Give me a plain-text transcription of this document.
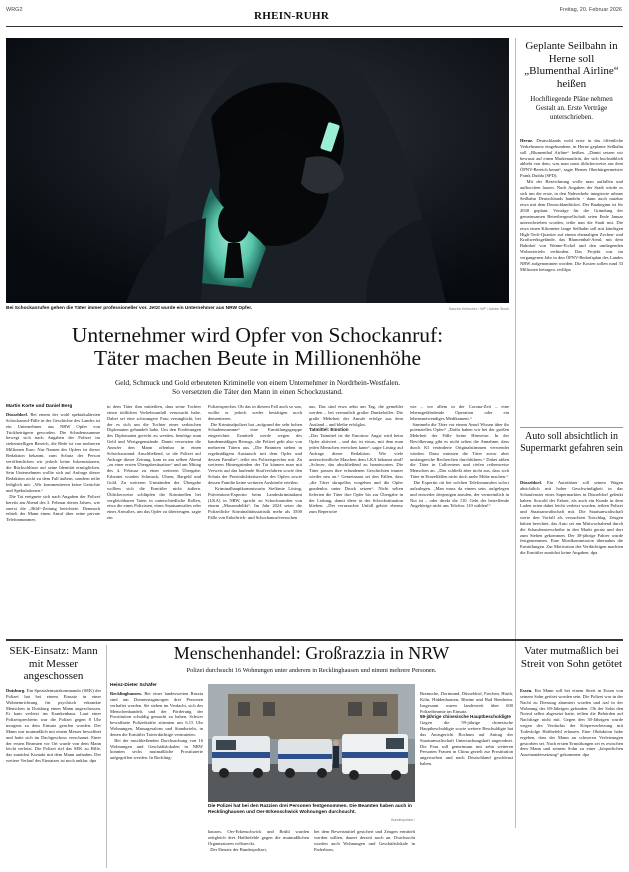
WRG2	RHEIN-RUHR	Freitag, 20. Februar 2026
Bei Schockanrufen gehen die Täter immer professioneller vor. Jetzt wurde ein Unternehmer aus NRW Opfer.	Sascha Kertscher / WP / Adobe Stock
Unternehmer wird Opfer von Schockanruf:
Täter machen Beute in Millionenhöhe
Geld, Schmuck und Gold erbeuteten Kriminelle von einem Unternehmer in Nordrhein-Westfalen.
So versetzten die Täter den Mann in einen Schockzustand.
Martin Korte und Daniel Berg
Düsseldorf. Bei einem der wohl spektakulärsten Schockanruf-Fälle in der Geschichte des Landes ist ein Unternehmer aus NRW Opfer von Trickbetrügern geworden. Die Schadenssumme bewegt sich nach Angaben der Polizei im siebenstelligen Bereich, die Rede ist von mehreren Millionen Euro. Nur Namen des Opfers ist dieser Redaktion bekannt, zum Schutz der Person veröffentlichen wir jedoch keine Informationen, die Rückschlüsse auf seine Identität ermöglichen. Sein Unternehmen wollte sich auf Anfrage dieser Redaktion nicht zu dem Fall äußern, sondern teilte lediglich mit: „Wir kommentieren keine Gerüchte und Spekulationen.“
Die Tat ereignete sich nach Angaben der Polizei bereits am Abend des 3. Februar dieses Jahres, wie zuerst die „Bild“-Zeitung berichtete. Demnach erhielt der Mann einen Anruf über seine private Telefonnummer,
in dem Täter ihm mitteilten, dass seine Tochter einen tödlichen Verkehrsunfall verursacht habe. Dabei sei eine schwangere Frau verunglückt, bei der es sich um die Tochter eines serbischen Diplomaten gehandelt habe. Um den Forderungen des Diplomaten gerecht zu werden, benötige man Geld und Wertgegenstände. Damit versetzten die Anrufer den Mann offenbar in einen Schockzustand. Anschließend, so die Polizei auf Anfrage dieser Zeitung, kam es am selben Abend „zu einer ersten Übergabesituation“ und am Mittag des 4. Februar zu einer weiteren Übergabe. Erbeutet wurden Schmuck, Uhren, Bargeld und Gold. Zu weiteren Umständen der Übergabe wollten sich die Ermittler nicht äußern. Üblicherweise schlüpfen die Kriminellen bei vergleichbaren Taten in unterschiedliche Rollen, etwa die eines Polizisten, eines Staatsanwaltes oder eines Anwaltes, um das Opfer zu überzeugen, sagte ein
Polizeisprecher. Ob das in diesem Fall auch so war, wollte er jedoch weder bestätigen noch dementieren.
Die Kriminalpolizei hat „aufgrund der sehr hohen Schadenssumme“ eine Ermittlungsgruppe eingerichtet. Ermittelt werde wegen des bandenmäßigen Betrugs, die Polizei geht also von mehreren Tätern aus. „Die Beamten stehen in regelmäßigem Austausch mit dem Opfer und dessen Familie“, teilte ein Polizeisprecher mit. Zu weiteren Hintergründen der Tat können man mit Verweis auf das laufende Strafverfahren sowie den Schutz der Persönlichkeitsrechte des Opfers sowie dessen Familie keine weiteren Auskünfte erteilen.
Kriminalhauptkommissarin Steffanie Lösing, Präventions-Expertin beim Landeskriminalamt (LKA) in NRW, spricht zu Schockanrufen von einem „Massendelikt“. Im Jahr 2024 seien die Polizeiliche Kriminalitätsstatistik mehr als 3500 Fälle von Enkeltrick- und Schockanrufversuchen
aus. Das sind etwa zehn am Tag, die gemeldet werden – bei vermutlich großer Dunkelziffer. Die große Mehrheit der Anrufe erfolge aus dem Ausland – und bleibe erfolglos.
Tatmittel: Emotion
„Das Tatmittel ist die Emotion: Angst wird beim Opfer aktiviert – und das ist etwas, mit dem man jeden Menschen erreichen kann“, sagte Lösing auf Anfrage dieser Redaktion. Wie viele unterschiedliche Maschen dem LKA bekannt sind? „Schwer, das abschließend zu beantworten. Die Täter passen ihre erfundenen Geschichten immer wieder neu an.“ Gemeinsam sei den Fällen, dass „die Täter skrupellos vorgehen und die Opfer gnadenlos unter Druck setzen“. Nicht selten lieferten die Täter ihre Opfer bis zur Übergabe in der Leitung, damit diese in der Schockstituation blieben. „Der verursachte Unfall gehört ebenso zum Repertoire
wie – vor allem in der Corona-Zeit – eine lebensgefährdende Operation oder ein lebensnotwendiges Medikament.“
Sammeln die Täter vor einem Anruf Wissen über ihr potenzielles Opfer? „Dafür haben wir bei der großen Mehrheit der Fälle keine Hinweise. In der Bevölkerung gibt es nicht selten die Annahme, dass durch KI veränderte Originalstimmen verwendet würden. Dazu müssten die Täter zuvor aber umfangreiche Recherchen durchführen.“ Dabei säßen die Täter in Callcentern und riefen reihenweise Menschen an. „Das schließt aber nicht aus, dass sich Täter in Einzelfällen nicht doch mehr Mühe machen.“
Die Expertin rät bei solchen Telefonanrufen sofort aufzulegen. „Man muss da einem sein, aufgelegen und entweder denjenigen anrufen, der vermeintlich in Not ist – oder direkt die 110. Geht der betreffende Angehörige nicht ans Telefon: 110 wählen!“
Geplante Seilbahn in Herne soll „Blumenthal Airline“ heißen
Hochfliegende Pläne nehmen Gestalt an. Erste Verträge unterschrieben.
Herne. Deutschlands wohl erste in das öffentliche Verkehrsnetz eingebundene, in Herne geplante Seilbahn soll „Blumenthal Airline“ heißen. „Damit setzen wir bewusst auf einen Markenauftritt, der sich buchstäblich abhebt von dem, was man sonst üblicherweise aus dem ÖPNV-Bereich kennt“, sagte Hernes Oberbürgermeister Frank Dudda (SPD).
Mit der Bezeichnung wolle man auffallen und aufhorchen lassen. Nach Angaben der Stadt würde es sich um die erste, in den Nahverkehr integrierte urbane Seilbahn Deutschlands handeln - dann auch nutzbar etwa mit dem Deutschlandticket. Der Baubeginn ist für 2030 geplant. Verträge für die Gründung der gemeinsamen Betreibergesellschaft seien Ende Januar unterschrieben worden, teilte nun die Stadt mit. Die etwa einen Kilometer lange Seilbahn soll mit künftigen High-Tech-Quartier auf einem ehemaligen Zechen- und Kraftwerksgelände, das Blumenthal-Areal, mit dem Bahnhof von Wanne-Eickel und den umliegenden Wohnvierteln verbinden. Das Projekt war im vergangenen Jahr in den ÖPNV-Bedarfsplan des Landes NRW aufgenommen worden. Die Kosten sollen rund 33 Millionen betragen. red/dpa
Auto soll absichtlich in Supermarkt gefahren sein
Düsseldorf. Ein Autofahrer soll seinen Wagen absichtlich mit hoher Geschwindigkeit in das Schaufenster eines Supermarktes in Düsseldorf gelenkt haben. Sowohl der Fahrer, als auch ein Kunde in dem Laden seien dabei leicht verletzt worden, teilten Polizei und Staatsanwaltschaft mit. Die Staatsanwaltschaft werte den Vorfall als versuchten Totschlag. Zeugen hätten berichtet, das Auto sei am Mittwochabend durch die Schaufensterscheibe in den Markt gerast und dort zum Stehen gekommen. Der 38-jährige Fahrer wurde festgenommen. Eine Mordkommission übernahm die Ermittlungen. Zur Motivation des Verdächtigen machten die Ermittler zunächst keine Angaben. dpa
SEK-Einsatz: Mann mit Messer angeschossen
Duisburg. Ein Spezialeinsatzkommando (SEK) der Polizei hat bei einem Einsatz in einer Wohneinrichtung für psychisch erkrankte Menschen in Duisburg einen Mann angeschossen. Er kam verletzt ins Krankenhaus. Laut einer Polizeisprecherin war die Polizei gegen 8 Uhr morgens zu dem Einsatz gerufen worden. Der Mann war mutmaßlich mit einem Messer bewaffnet und hatte sich im Dachgeschoss verschanzt. Einer der ersten Beamten vor Ort wurde von dem Mann leicht verletzt. Die Polizei rief das SEK zu Hilfe, das zunächst Kontakt mit dem Mann aufnahm. Der weitere Verlauf des Einsatzes ist noch unklar. dpa
Menschenhandel: Großrazzia in NRW
Polizei durchsucht 16 Wohnungen unter anderem in Recklinghausen und nimmt mehrere Personen.
Heinz-Dieter Schäfer
Recklinghausen. Bei einer landesweiten Razzia sind am Donnerstagmorgen drei Personen verhaftet worden. Sie stehen im Verdacht, sich des Menschenhandels und der Förderung der Prostitution schuldig gemacht zu haben. Schwer bewaffnete Polizeikräfte stürmten um 6.15 Uhr Wohnungen, Massagesalons und Standorteln, in denen die Ermittler Tatverdächtige vermuteten.
Bei der anschließenden Durchsuchung von 16 Wohnungen und Geschäftslokalen in NRW konnten sechs mutmaßliche Prostituierte aufgegriffen werden. In Reckling-
Die Polizei hat bei den Razzien drei Personen festgenommen. Die Beamten haben auch in Recklinghausen und Oer-Erkenschwick Wohnungen durchsucht.
Bundespolizei /
hausen, Oer-Erkenschwick und Brühl wurden zeitgleich drei Haftbefehle gegen die mutmaßlichen Organisatoren vollstreckt.
Der Einsatz der Bundespolizei,
bei dem Beweismittel gesichert und Zeugen ermittelt werden sollten, dauert derzeit noch an. Durchsucht wurden auch Wohnungen und Geschäftslokale in Paderborn,
Bramsche, Dortmund, Düsseldorf, Frechen, Hürth, Köln, Hiddenhausen, Rheine und Bad Bentheim. Insgesamt waren landesweit über 600 Polizeibeamte im Einsatz.
59-jährige chinesische Hauptbeschuldigte
Gegen die 59-jährige chinesische Hauptbeschuldigte sowie weitere Beschuldigte hat das Amtsgericht Bochum auf Antrag der Staatsanwaltschaft Untersuchungshaft angeordnet. Die Frau soll gemeinsam mit zehn weiteren Personen Frauen in China gezielt zur Prostitution angeworben und nach Deutschland geschleust haben.
Vater mutmaßlich bei Streit von Sohn getötet
Essen. Ein Mann soll bei einem Streit in Essen von seinem Sohn getötet worden sein. Die Polizei war in der Nacht zu Dienstag alarmiert worden und traf in der Wohnung des 69-Jährigen gefunden. Ob der Sohn den Notruf selbst abgesetzt hatte, teilten die Behörden auf Nachfrage nicht mit. Gegen den 30-Jährigen wurde wegen des Verdachts der Körperverletzung mit Todesfolge Haftbefehl erlassen. Eine Obduktion habe ergeben, dass der Mann an schweren Verletzungen gestorben sei. Nach ersten Ermittlungen sei es zwischen dem Mann und seinem Sohn zu einer „körperlichen Auseinandersetzung“ gekommen. dpa
